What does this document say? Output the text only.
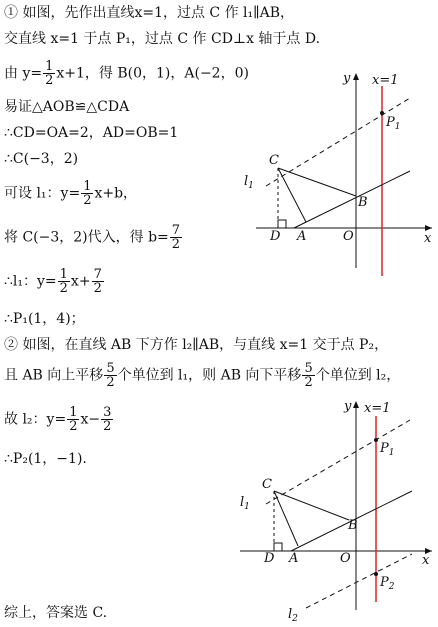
① 如图，先作出直线x=1，过点 C 作 l₁∥AB，
交直线 x=1 于点 P₁，过点 C 作 CD⊥x 轴于点 D.
由 $y= \frac{1}{2} x+1$，得 B(0，1)，A(−2，0)
易证△AOB≌△CDA
∴CD=OA=2，AD=OB=1
∴C(−3，2)
可设 l₁：$y= \frac{1}{2} x+b$，
将 C(−3，2)代入，得 $b= \frac{7}{2}$
∴l₁：$y= \frac{1}{2} x+ \frac{7}{2}$
∴P₁(1，4)；
② 如图，在直线 AB 下方作 l₂∥AB，与直线 x=1 交于点 P₂，
且 AB 向上平移 $\frac{5}{2}$ 个单位到 l₁，则 AB 向下平移 $\frac{5}{2}$ 个单位到 l₂，
故 l₂：$y= \frac{1}{2} x- \frac{3}{2}$
∴P₂(1，−1).
综上，答案选 C.
y x=1
$P_1$
C
$l_1$
B
D A	O	x
y x=1
$P_1$
C
$l_1$
B
D A	O	x
$P_2$
$l_2$
